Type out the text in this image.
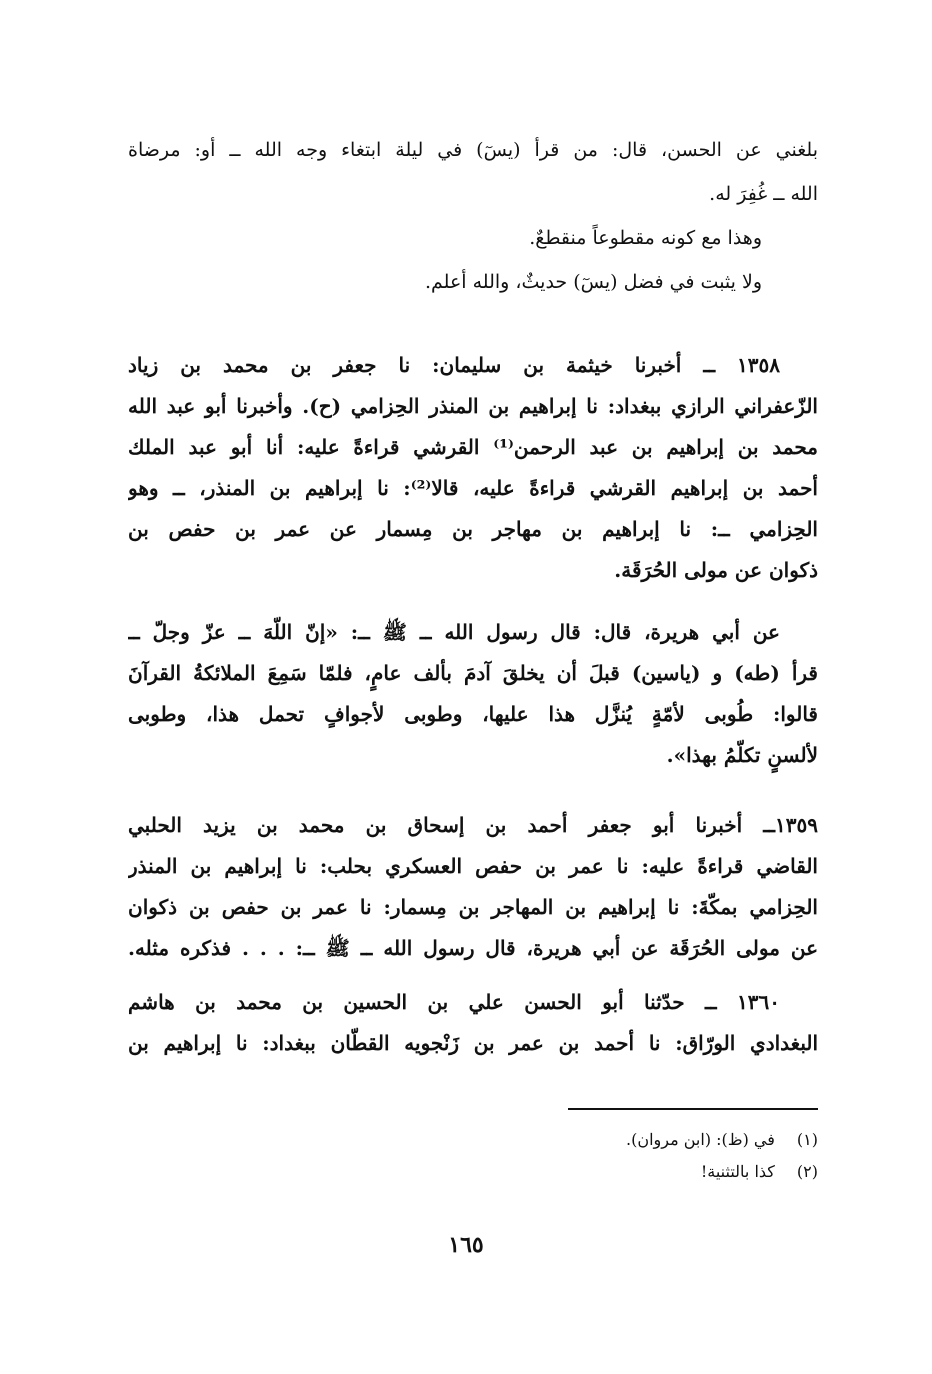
بلغني عن الحسن، قال: من قرأ (يسٓ) في ليلة ابتغاء وجه الله ــ أو: مرضاة
الله ــ غُفِرَ له.
وهذا مع كونه مقطوعاً منقطعٌ.
ولا يثبت في فضل (يسٓ) حديثٌ، والله أعلم.
١٣٥٨ ــ أخبرنا خيثمة بن سليمان: نا جعفر بن محمد بن زياد
الزّعفراني الرازي ببغداد: نا إبراهيم بن المنذر الحِزامي (ح). وأخبرنا أبو عبد الله
محمد بن إبراهيم بن عبد الرحمن⁽¹⁾ القرشي قراءةً عليه: أنا أبو عبد الملك
أحمد بن إبراهيم القرشي قراءةً عليه، قالا⁽²⁾: نا إبراهيم بن المنذر، ــ وهو
الحِزامي ــ: نا إبراهيم بن مهاجر بن مِسمار عن عمر بن حفص بن
ذكوان عن مولى الحُرَقَة.
عن أبي هريرة، قال: قال رسول الله ــ ﷺ ــ: «إنّ اللّهَ ــ عزّ وجلّ ــ
قرأ (طه) و (ياسين) قبلَ أن يخلقَ آدمَ بألف عامٍ، فلمّا سَمِعَ الملائكةُ القرآنَ
قالوا: طُوبى لأمّةٍ يُنزَّل هذا عليها، وطوبى لأجوافٍ تحمل هذا، وطوبى
لألسنٍ تكلّمُ بهذا».
١٣٥٩ــ أخبرنا أبو جعفر أحمد بن إسحاق بن محمد بن يزيد الحلبي
القاضي قراءةً عليه: نا عمر بن حفص العسكري بحلب: نا إبراهيم بن المنذر
الحِزامي بمكّةَ: نا إبراهيم بن المهاجر بن مِسمار: نا عمر بن حفص بن ذكوان
عن مولى الحُرَقَة عن أبي هريرة، قال رسول الله ــ ﷺ ــ: . . . فذكره مثله.
١٣٦٠ ــ حدّثنا أبو الحسن علي بن الحسين بن محمد بن هاشم
البغدادي الورّاق: نا أحمد بن عمر بن زَنْجويه القطّان ببغداد: نا إبراهيم بن
(١) في (ظ): (ابن مروان).
(٢) كذا بالتثنية!
١٦٥
